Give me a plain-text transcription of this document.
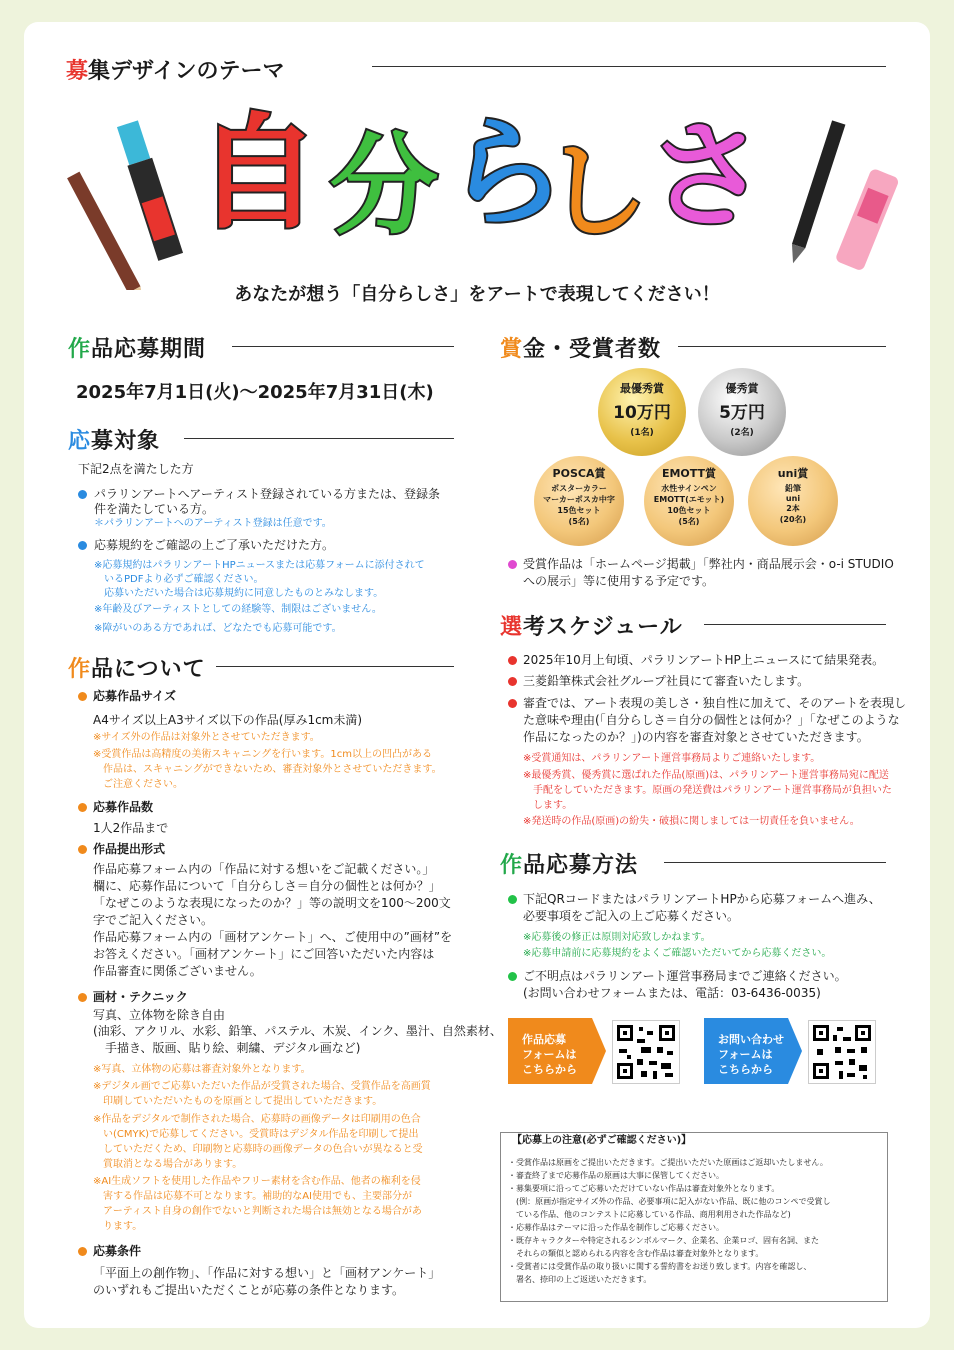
募集デザインのテーマ
自 分 ら
し さ
あなたが想う「自分らしさ」をアートで表現してください！
作品応募期間
2025年7月1日(火)～2025年7月31日(木)
応募対象
下記2点を満たした方
パラリンアートへアーティスト登録されている方または、登録条
件を満たしている方。
＊パラリンアートへのアーティスト登録は任意です。
応募規約をご確認の上ご了承いただけた方。
※応募規約はパラリンアートHPニュースまたは応募フォームに添付されて
　いるPDFより必ずご確認ください。
　応募いただいた場合は応募規約に同意したものとみなします。
※年齢及びアーティストとしての経験等、制限はございません。
※障がいのある方であれば、どなたでも応募可能です。
作品について
応募作品サイズ
A4サイズ以上A3サイズ以下の作品(厚み1cm未満)
※サイズ外の作品は対象外とさせていただきます。
※受賞作品は高精度の美術スキャニングを行います。1cm以上の凹凸がある
　作品は、スキャニングができないため、審査対象外とさせていただきます。
　ご注意ください。
応募作品数
1人2作品まで
作品提出形式
作品応募フォーム内の「作品に対する想いをご記載ください。」
欄に、応募作品について「自分らしさ＝自分の個性とは何か？」
「なぜこのような表現になったのか？」等の説明文を100～200文
字でご記入ください。
作品応募フォーム内の「画材アンケート」へ、ご使用中の”画材”を
お答えください。「画材アンケート」にご回答いただいた内容は
作品審査に関係ございません。
画材・テクニック
写真、立体物を除き自由
(油彩、アクリル、水彩、鉛筆、パステル、木炭、インク、墨汁、自然素材、
　手描き、版画、貼り絵、刺繍、デジタル画など)
※写真、立体物の応募は審査対象外となります。
※デジタル画でご応募いただいた作品が受賞された場合、受賞作品を高画質
　印刷していただいたものを原画として提出していただきます。
※作品をデジタルで制作された場合、応募時の画像データは印刷用の色合
　い(CMYK)で応募してください。受賞時はデジタル作品を印刷して提出
　していただくため、印刷物と応募時の画像データの色合いが異なると受
　賞取消となる場合があります。
※AI生成ソフトを使用した作品やフリー素材を含む作品、他者の権利を侵
　害する作品は応募不可となります。補助的なAI使用でも、主要部分が
　アーティスト自身の創作でないと判断された場合は無効となる場合があ
　ります。
応募条件
「平面上の創作物」、「作品に対する想い」と「画材アンケート」
のいずれもご提出いただくことが応募の条件となります。
賞金・受賞者数
最優秀賞
10万円
(1名)
優秀賞
5万円
(2名)
POSCA賞
ポスターカラー
マーカーポスカ中字
15色セット
(5名)
EMOTT賞
水性サインペン
EMOTT(エモット)
10色セット
(5名)
uni賞
鉛筆
uni
2本
(20名)
受賞作品は「ホームページ掲載」「弊社内・商品展示会・o-i STUDIO
への展示」等に使用する予定です。
選考スケジュール
2025年10月上旬頃、パラリンアートHP上ニュースにて結果発表。
三菱鉛筆株式会社グループ社員にて審査いたします。
審査では、アート表現の美しさ・独自性に加えて、そのアートを表現し
た意味や理由(「自分らしさ＝自分の個性とは何か？」「なぜこのような
作品になったのか？」)の内容を審査対象とさせていただきます。
※受賞通知は、パラリンアート運営事務局よりご連絡いたします。
※最優秀賞、優秀賞に選ばれた作品(原画)は、パラリンアート運営事務局宛に配送
　手配をしていただきます。原画の発送費はパラリンアート運営事務局が負担いた
　します。
※発送時の作品(原画)の紛失・破損に関しましては一切責任を負いません。
作品応募方法
下記QRコードまたはパラリンアートHPから応募フォームへ進み、
必要事項をご記入の上ご応募ください。
※応募後の修正は原則対応致しかねます。
※応募申請前に応募規約をよくご確認いただいてから応募ください。
ご不明点はパラリンアート運営事務局までご連絡ください。
(お問い合わせフォームまたは、電話：03-6436-0035)
作品応募
フォームは
こちらから
お問い合わせ
フォームは
こちらから
【応募上の注意(必ずご確認ください)】
・受賞作品は原画をご提出いただきます。ご提出いただいた原画はご返却いたしません。
・審査終了まで応募作品の原画は大事に保管してください。
・募集要項に沿ってご応募いただけていない作品は審査対象外となります。
　(例：原画が指定サイズ外の作品、必要事項に記入がない作品、既に他のコンペで受賞し
　ている作品、他のコンテストに応募している作品、商用利用された作品など)
・応募作品はテーマに沿った作品を制作しご応募ください。
・既存キャラクターや特定されるシンボルマーク、企業名、企業ロゴ、固有名詞、また
　それらの類似と認められる内容を含む作品は審査対象外となります。
・受賞者には受賞作品の取り扱いに関する誓約書をお送り致します。内容を確認し、
　署名、捺印の上ご返送いただきます。
